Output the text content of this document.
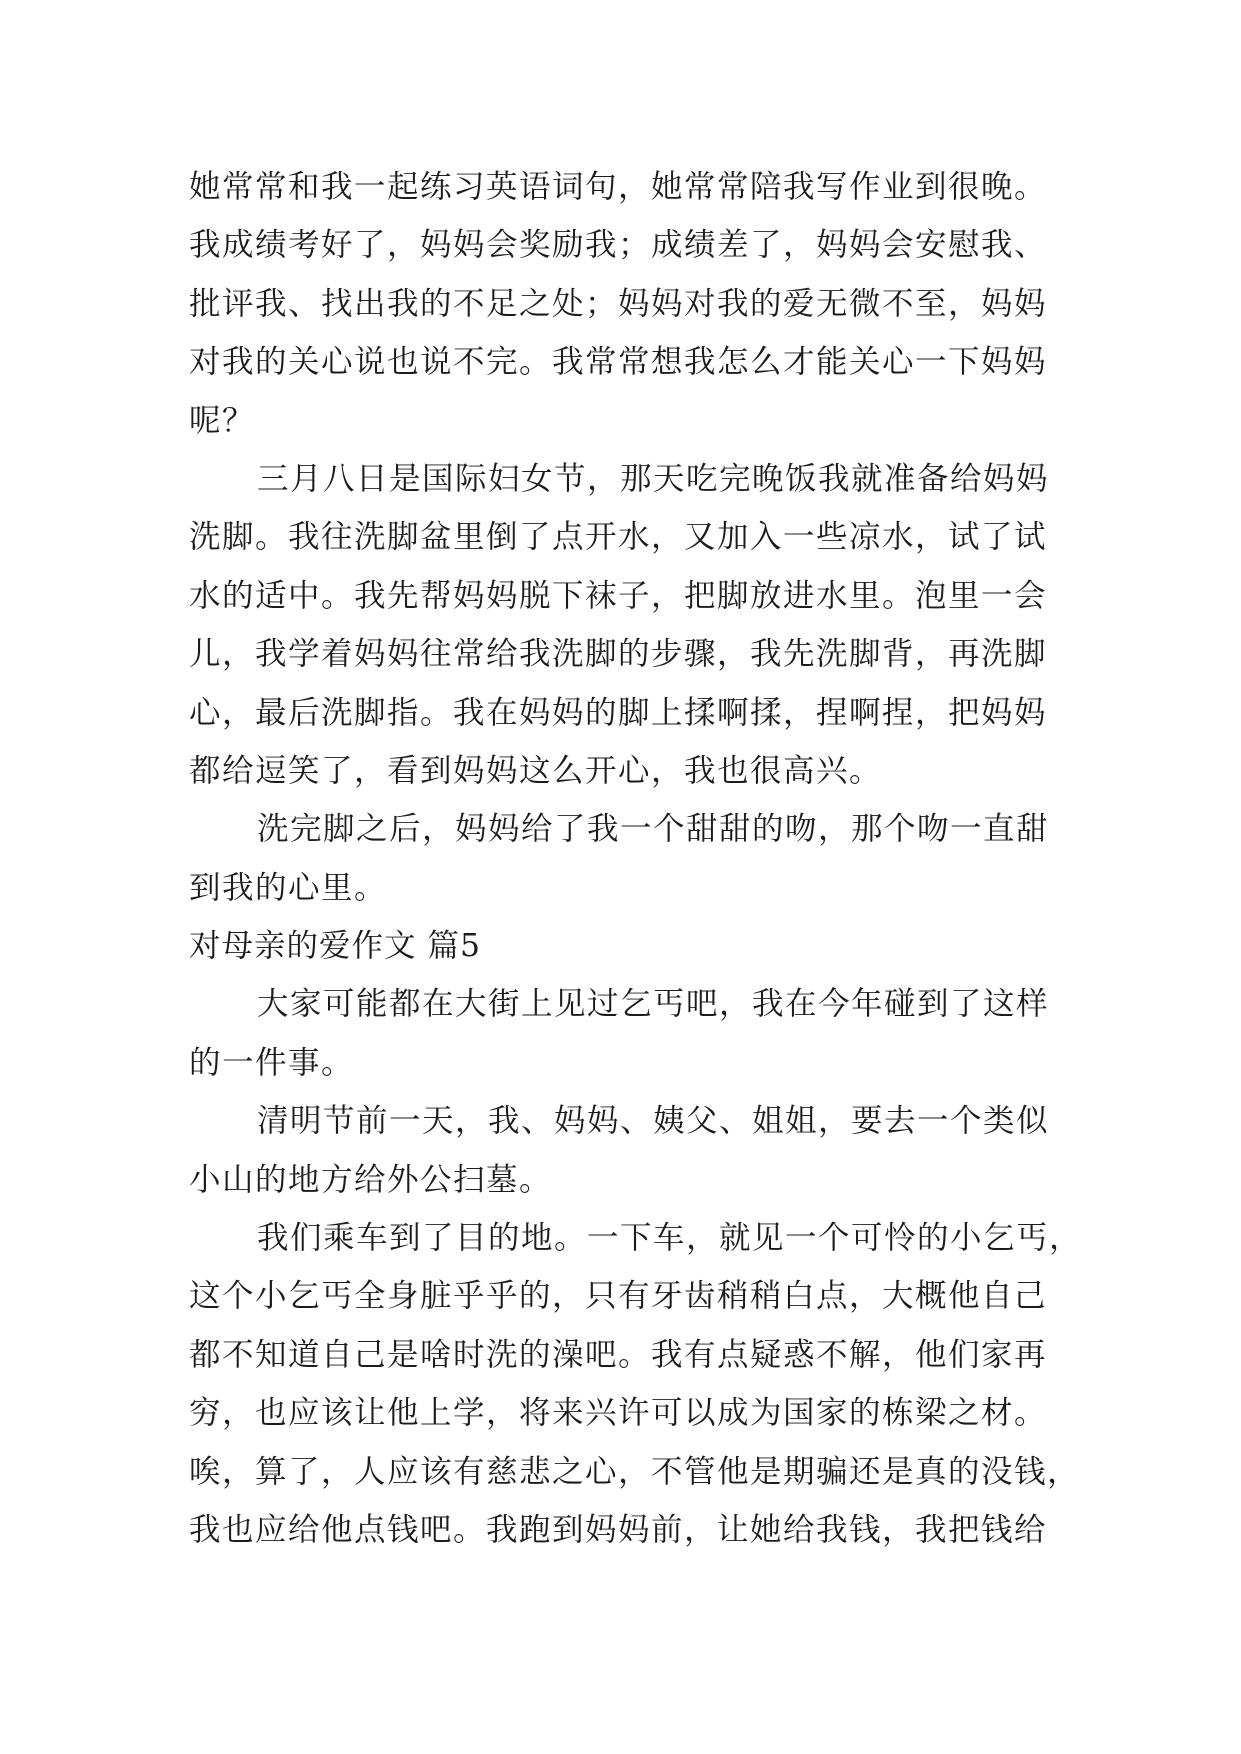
她常常和我一起练习英语词句，她常常陪我写作业到很晚。
我成绩考好了，妈妈会奖励我；成绩差了，妈妈会安慰我、
批评我、找出我的不足之处；妈妈对我的爱无微不至，妈妈
对我的关心说也说不完。我常常想我怎么才能关心一下妈妈
呢？
三月八日是国际妇女节，那天吃完晚饭我就准备给妈妈
洗脚。我往洗脚盆里倒了点开水，又加入一些凉水，试了试
水的适中。我先帮妈妈脱下袜子，把脚放进水里。泡里一会
儿，我学着妈妈往常给我洗脚的步骤，我先洗脚背，再洗脚
心，最后洗脚指。我在妈妈的脚上揉啊揉，捏啊捏，把妈妈
都给逗笑了，看到妈妈这么开心，我也很高兴。
洗完脚之后，妈妈给了我一个甜甜的吻，那个吻一直甜
到我的心里。
对母亲的爱作文 篇5
大家可能都在大街上见过乞丐吧，我在今年碰到了这样
的一件事。
清明节前一天，我、妈妈、姨父、姐姐，要去一个类似
小山的地方给外公扫墓。
我们乘车到了目的地。一下车，就见一个可怜的小乞丐，
这个小乞丐全身脏乎乎的，只有牙齿稍稍白点，大概他自己
都不知道自己是啥时洗的澡吧。我有点疑惑不解，他们家再
穷，也应该让他上学，将来兴许可以成为国家的栋梁之材。
唉，算了，人应该有慈悲之心，不管他是期骗还是真的没钱，
我也应给他点钱吧。我跑到妈妈前，让她给我钱，我把钱给
